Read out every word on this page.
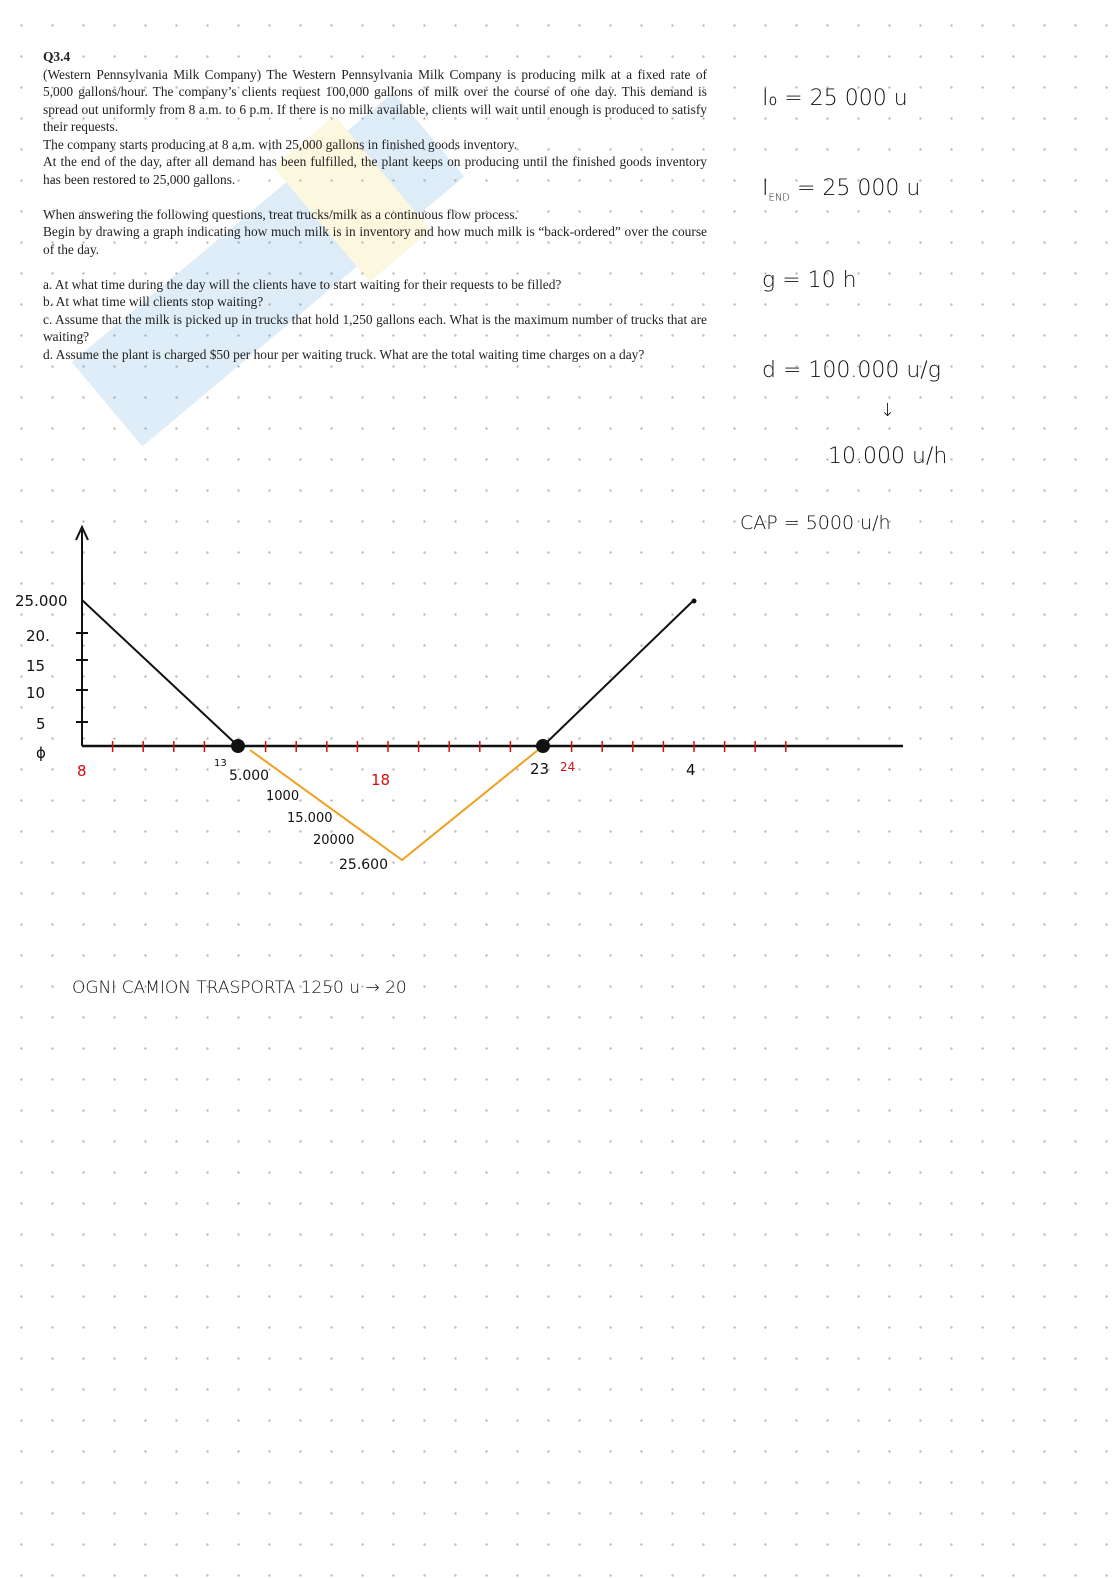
Q3.4

(Western Pennsylvania Milk Company) The Western Pennsylvania Milk Company is producing milk at a fixed rate of 5,000 gallons/hour. The company’s clients request 100,000 gallons of milk over the course of one day. This demand is spread out uniformly from 8 a.m. to 6 p.m. If there is no milk available, clients will wait until enough is produced to satisfy their requests.

The company starts producing at 8 a.m. with 25,000 gallons in finished goods inventory.

At the end of the day, after all demand has been fulfilled, the plant keeps on producing until the finished goods inventory has been restored to 25,000 gallons.

When answering the following questions, treat trucks/milk as a continuous flow process.

Begin by drawing a graph indicating how much milk is in inventory and how much milk is “back-ordered” over the course of the day.

a. At what time during the day will the clients have to start waiting for their requests to be filled?

b. At what time will clients stop waiting?

c. Assume that the milk is picked up in trucks that hold 1,250 gallons each. What is the maximum number of trucks that are waiting?

d. Assume the plant is charged $50 per hour per waiting truck. What are the total waiting time charges on a day?

I₀ = 25 000 u
$I_{END} = 25$ 000 u
g = 10 h
d = 100.000 u/g
↓
10.000 u/h
CAP = 5000 u/h
25.000
20.
15
10
5
ϕ
8	18
24
13	23	4
5.000
1000
15.000
20000
25.600
OGNI CAMION TRASPORTA 1250 u → 20
